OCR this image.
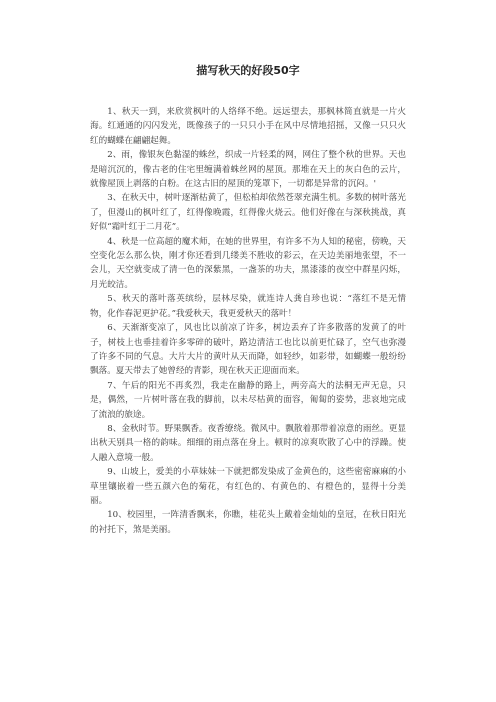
描写秋天的好段50字

1、秋天一到，来欣赏枫叶的人络绎不绝。远远望去，那枫林简直就是一片火海。红通通的闪闪发光，既像孩子的一只只小手在风中尽情地招摇，又像一只只火红的蝴蝶在翩翩起舞。

2、雨，像银灰色黏湿的蛛丝，织成一片轻柔的网，网住了整个秋的世界。天也是暗沉沉的，像古老的住宅里缠满着蛛丝网的屋顶。那堆在天上的灰白色的云片，就像屋顶上剥落的白粉。在这古旧的屋顶的笼罩下，一切都是异常的沉闷。'

3、在秋天中，树叶逐渐枯黄了，但松柏却依然苍翠充满生机。多数的树叶落光了，但漫山的枫叶红了，红得像晚霞，红得像火烧云。他们好像在与深秋挑战，真好似“霜叶红于二月花”。

4、秋是一位高超的魔术师，在她的世界里，有许多不为人知的秘密，傍晚，天空变化怎么那么快，刚才你还看到几缕美不胜收的彩云，在天边美丽地张望，不一会儿，天空就变成了清一色的深紫黑，一盏茶的功夫，黑漆漆的夜空中群星闪烁，月光皎洁。

5、秋天的落叶落英缤纷，层林尽染，就连诗人龚自珍也说：“落红不是无情物，化作春泥更护花。”我爱秋天，我更爱秋天的落叶！

6、天渐渐变凉了，风也比以前凉了许多，树边丢弃了许多散落的发黄了的叶子，树枝上也垂挂着许多零碎的破叶，路边清洁工也比以前更忙碌了，空气也弥漫了许多不同的气息。大片大片的黄叶从天而降，如轻纱，如彩带，如蝴蝶一般纷纷飘落。夏天带去了她曾经的青影，现在秋天正迎面而来。

7、午后的阳光不再炙烈，我走在幽静的路上，两旁高大的法桐无声无息，只是，偶然，一片树叶落在我的脚前，以未尽枯黄的面容，匍匐的姿势，悲哀地完成了流浪的旅途。

8、金秋时节。野果飘香。夜香缭绕。微风中。飘散着那带着凉意的雨丝。更显出秋天别具一格的韵味。细细的雨点落在身上。顿时的凉爽吹散了心中的浮躁。使人融入意境一般。

9、山坡上，爱美的小草妹妹一下就把都发染成了金黄色的，这些密密麻麻的小草里镶嵌着一些五颜六色的菊花，有红色的、有黄色的、有橙色的，显得十分美丽。

10、校园里，一阵清香飘来，你瞧，桂花头上戴着金灿灿的皇冠，在秋日阳光的衬托下，煞是美丽。
